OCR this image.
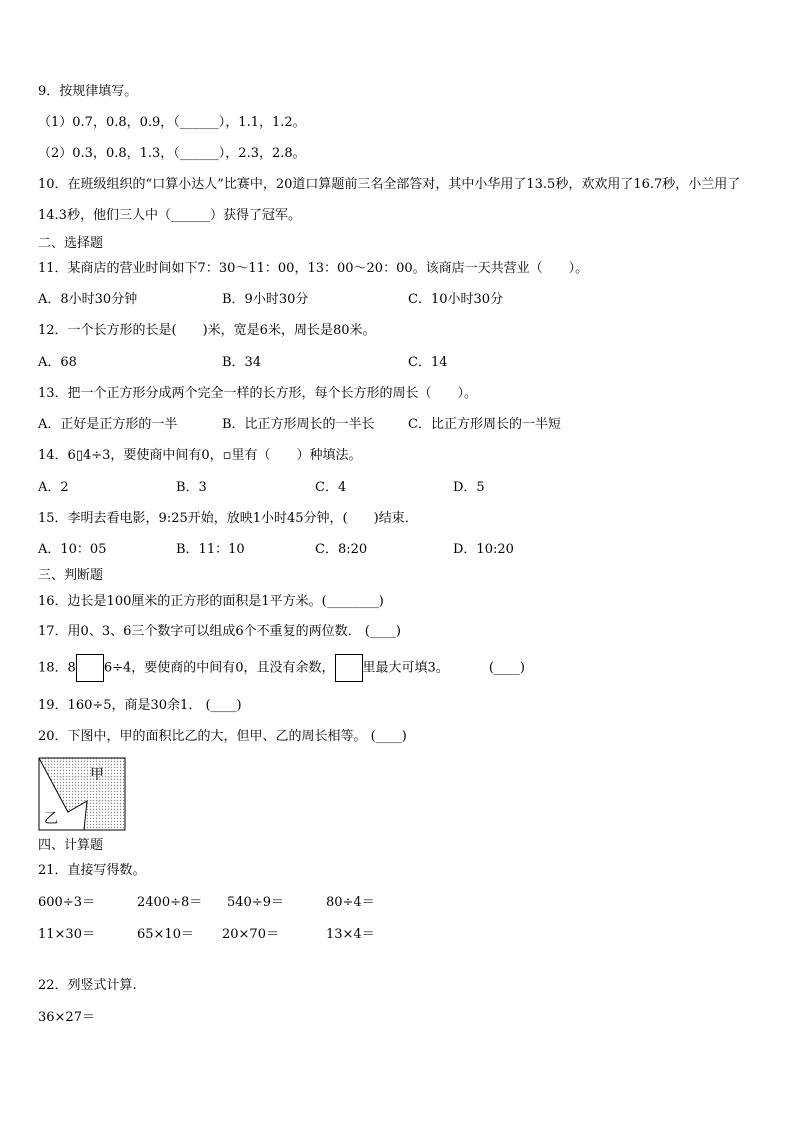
9．按规律填写。
（1）0.7，0.8，0.9，（______），1.1，1.2。
（2）0.3，0.8，1.3，（______），2.3，2.8。
10．在班级组织的“口算小达人”比赛中，20道口算题前三名全部答对，其中小华用了13.5秒，欢欢用了16.7秒，小兰用了14.3秒，他们三人中（______）获得了冠军。
二、选择题
11．某商店的营业时间如下7：30～11：00，13：00～20：00。该商店一天共营业（　　）。
A．8小时30分钟	B．9小时30分	C．10小时30分
12．一个长方形的长是(　　)米，宽是6米，周长是80米。
A．68	B．34	C．14
13．把一个正方形分成两个完全一样的长方形，每个长方形的周长（　　）。
A．正好是正方形的一半	B．比正方形周长的一半长	C．比正方形周长的一半短
14．6▯4÷3，要使商中间有0，▫里有（　　）种填法。
A．2	B．3	C．4	D．5
15．李明去看电影，9:25开始，放映1小时45分钟，(　　)结束．
A．10：05	B．11：10	C．8:20	D．10:20
三、判断题
16．边长是100厘米的正方形的面积是1平方米。(________)
17．用0、3、6三个数字可以组成6个不重复的两位数． (____)
18．8 6÷4，要使商的中间有0，且没有余数， 里最大可填3。	(____)
19．160÷5，商是30余1． (____)
20．下图中，甲的面积比乙的大，但甲、乙的周长相等。 (____)
甲
乙
四、计算题
21．直接写得数。
600÷3＝	2400÷8＝ 540÷9＝	80÷4＝
11×30＝	65×10＝ 20×70＝	13×4＝
22．列竖式计算.
36×27＝
